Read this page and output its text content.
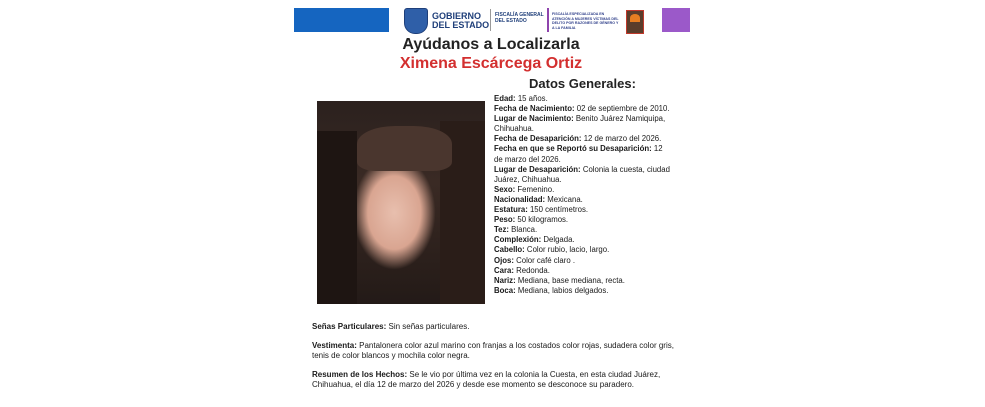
GOBIERNO
DEL ESTADO
FISCALÍA GENERAL DEL ESTADO
FISCALÍA ESPECIALIZADA EN ATENCIÓN A MUJERES VÍCTIMAS DEL DELITO POR RAZONES DE GÉNERO Y A LA FAMILIA
Ayúdanos a Localizarla
Ximena Escárcega Ortiz
Datos Generales:

Edad: 15 años.

Fecha de Nacimiento: 02 de septiembre de 2010.

Lugar de Nacimiento: Benito Juárez Namiquipa, Chihuahua.

Fecha de Desaparición: 12 de marzo del 2026.

Fecha en que se Reportó su Desaparición: 12 de marzo del 2026.

Lugar de Desaparición: Colonia la cuesta, ciudad Juárez, Chihuahua.

Sexo: Femenino.

Nacionalidad: Mexicana.

Estatura: 150 centímetros.

Peso: 50 kilogramos.

Tez: Blanca.

Complexión: Delgada.

Cabello: Color rubio, lacio, largo.

Ojos: Color café claro .

Cara: Redonda.

Nariz: Mediana, base mediana, recta.

Boca: Mediana, labios delgados.

Señas Particulares: Sin señas particulares.
Vestimenta: Pantalonera color azul marino con franjas a los costados color rojas, sudadera color gris, tenis de color blancos y mochila color negra.
Resumen de los Hechos: Se le vio por última vez en la colonia la Cuesta, en esta ciudad Juárez, Chihuahua, el día 12 de marzo del 2026 y desde ese momento se desconoce su paradero.
